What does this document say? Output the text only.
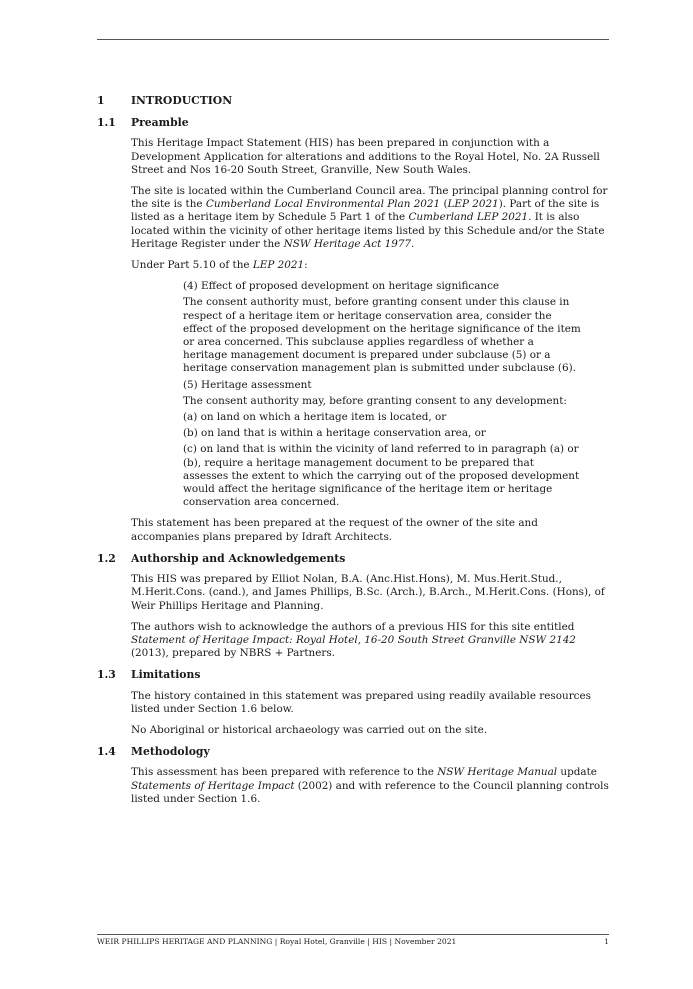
1	INTRODUCTION
1.1	Preamble

This Heritage Impact Statement (HIS) has been prepared in conjunction with a Development Application for alterations and additions to the Royal Hotel, No. 2A Russell Street and Nos 16-20 South Street, Granville, New South Wales.

The site is located within the Cumberland Council area. The principal planning control for the site is the Cumberland Local Environmental Plan 2021 (LEP 2021). Part of the site is listed as a heritage item by Schedule 5 Part 1 of the Cumberland LEP 2021. It is also located within the vicinity of other heritage items listed by this Schedule and/or the State Heritage Register under the NSW Heritage Act 1977.

Under Part 5.10 of the LEP 2021:

(4) Effect of proposed development on heritage significance

The consent authority must, before granting consent under this clause in respect of a heritage item or heritage conservation area, consider the effect of the proposed development on the heritage significance of the item or area concerned. This subclause applies regardless of whether a heritage management document is prepared under subclause (5) or a heritage conservation management plan is submitted under subclause (6).

(5) Heritage assessment

The consent authority may, before granting consent to any development:

(a) on land on which a heritage item is located, or

(b) on land that is within a heritage conservation area, or

(c) on land that is within the vicinity of land referred to in paragraph (a) or (b), require a heritage management document to be prepared that assesses the extent to which the carrying out of the proposed development would affect the heritage significance of the heritage item or heritage conservation area concerned.

This statement has been prepared at the request of the owner of the site and accompanies plans prepared by Idraft Architects.

1.2	Authorship and Acknowledgements

This HIS was prepared by Elliot Nolan, B.A. (Anc.Hist.Hons), M. Mus.Herit.Stud., M.Herit.Cons. (cand.), and James Phillips, B.Sc. (Arch.), B.Arch., M.Herit.Cons. (Hons), of Weir Phillips Heritage and Planning.

The authors wish to acknowledge the authors of a previous HIS for this site entitled Statement of Heritage Impact: Royal Hotel, 16-20 South Street Granville NSW 2142 (2013), prepared by NBRS + Partners.

1.3	Limitations

The history contained in this statement was prepared using readily available resources listed under Section 1.6 below.

No Aboriginal or historical archaeology was carried out on the site.

1.4	Methodology

This assessment has been prepared with reference to the NSW Heritage Manual update Statements of Heritage Impact (2002) and with reference to the Council planning controls listed under Section 1.6.

WEIR PHILLIPS HERITAGE AND PLANNING | Royal Hotel, Granville | HIS | November 2021	1
